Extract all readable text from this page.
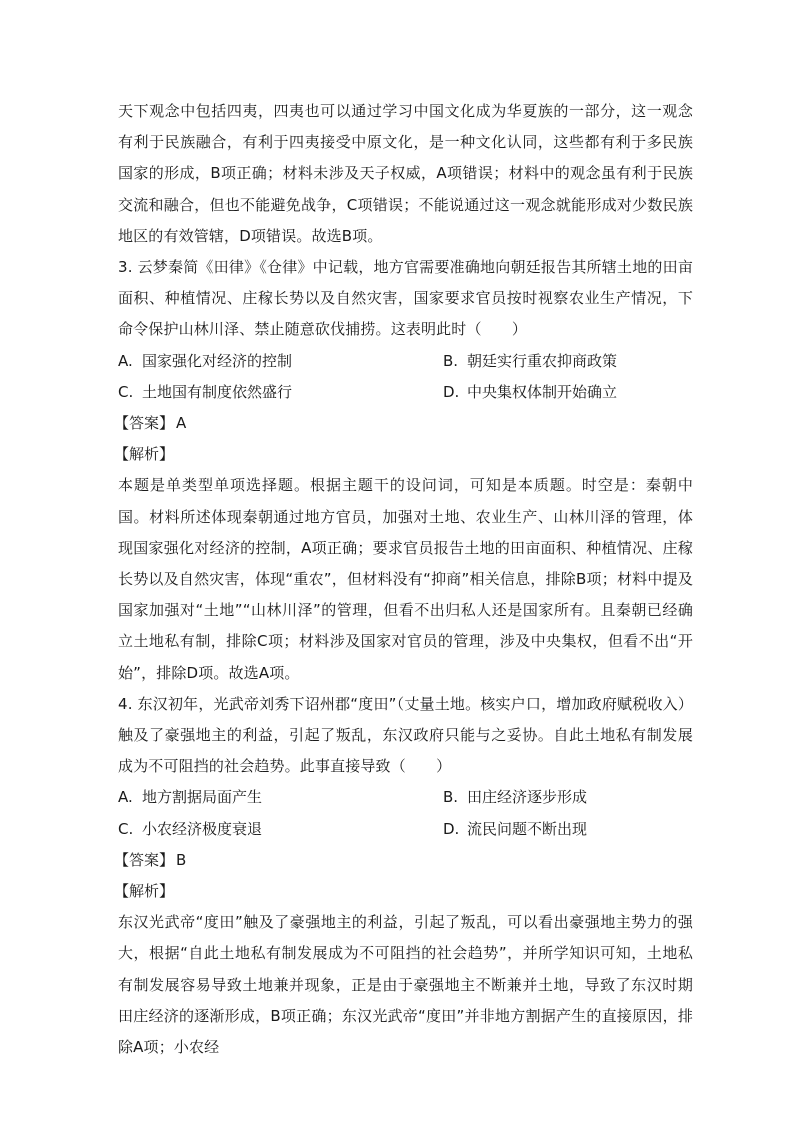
天下观念中包括四夷，四夷也可以通过学习中国文化成为华夏族的一部分，这一观念有利于民族融合，有利于四夷接受中原文化，是一种文化认同，这些都有利于多民族国家的形成，B项正确；材料未涉及天子权威，A项错误；材料中的观念虽有利于民族交流和融合，但也不能避免战争，C项错误；不能说通过这一观念就能形成对少数民族地区的有效管辖，D项错误。故选B项。

3. 云梦秦简《田律》《仓律》中记载，地方官需要准确地向朝廷报告其所辖土地的田亩面积、种植情况、庄稼长势以及自然灾害，国家要求官员按时视察农业生产情况，下命令保护山林川泽、禁止随意砍伐捕捞。这表明此时（　　）

A. 国家强化对经济的控制	B. 朝廷实行重农抑商政策
C. 土地国有制度依然盛行	D. 中央集权体制开始确立

【答案】 A

【解析】

本题是单类型单项选择题。根据主题干的设问词，可知是本质题。时空是：秦朝中国。材料所述体现秦朝通过地方官员，加强对土地、农业生产、山林川泽的管理，体现国家强化对经济的控制，A项正确；要求官员报告土地的田亩面积、种植情况、庄稼长势以及自然灾害，体现“重农”，但材料没有“抑商”相关信息，排除B项；材料中提及国家加强对“土地”“山林川泽”的管理，但看不出归私人还是国家所有。且秦朝已经确立土地私有制，排除C项；材料涉及国家对官员的管理，涉及中央集权，但看不出“开始”，排除D项。故选A项。

4. 东汉初年，光武帝刘秀下诏州郡“度田”（丈量土地。核实户口，增加政府赋税收入）触及了豪强地主的利益，引起了叛乱，东汉政府只能与之妥协。自此土地私有制发展成为不可阻挡的社会趋势。此事直接导致（　　）

A. 地方割据局面产生	B. 田庄经济逐步形成
C. 小农经济极度衰退	D. 流民问题不断出现

【答案】 B

【解析】

东汉光武帝“度田”触及了豪强地主的利益，引起了叛乱，可以看出豪强地主势力的强大，根据“自此土地私有制发展成为不可阻挡的社会趋势”，并所学知识可知，土地私有制发展容易导致土地兼并现象，正是由于豪强地主不断兼并土地，导致了东汉时期田庄经济的逐渐形成，B项正确；东汉光武帝“度田”并非地方割据产生的直接原因，排除A项；小农经
